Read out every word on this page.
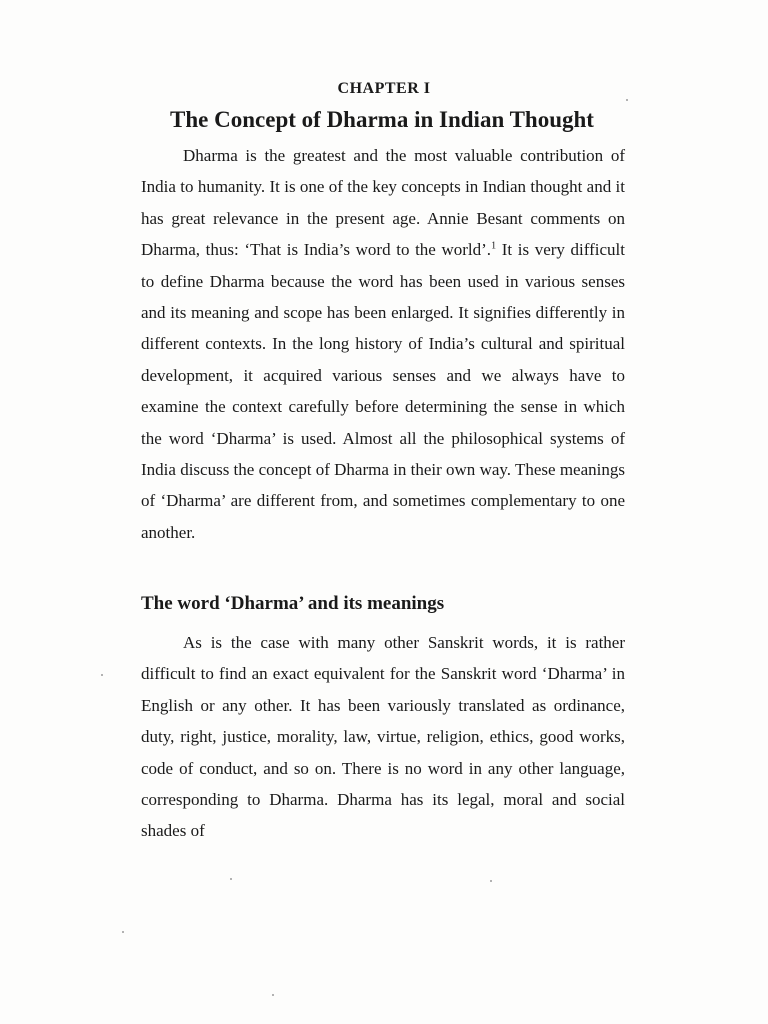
CHAPTER I
The Concept of Dharma in Indian Thought

Dharma is the greatest and the most valuable contribution of India to humanity. It is one of the key concepts in Indian thought and it has great relevance in the present age. Annie Besant comments on Dharma, thus: ‘That is India’s word to the world’.$^1$ It is very difficult to define Dharma because the word has been used in various senses and its meaning and scope has been enlarged. It signifies differently in different contexts. In the long history of India’s cultural and spiritual development, it acquired various senses and we always have to examine the context carefully before determining the sense in which the word ‘Dharma’ is used. Almost all the philosophical systems of India discuss the concept of Dharma in their own way. These meanings of ‘Dharma’ are different from, and sometimes complementary to one another.

The word ‘Dharma’ and its meanings

As is the case with many other Sanskrit words, it is rather difficult to find an exact equivalent for the Sanskrit word ‘Dharma’ in English or any other. It has been variously translated as ordinance, duty, right, justice, morality, law, virtue, religion, ethics, good works, code of conduct, and so on. There is no word in any other language, corresponding to Dharma. Dharma has its legal, moral and social shades of
